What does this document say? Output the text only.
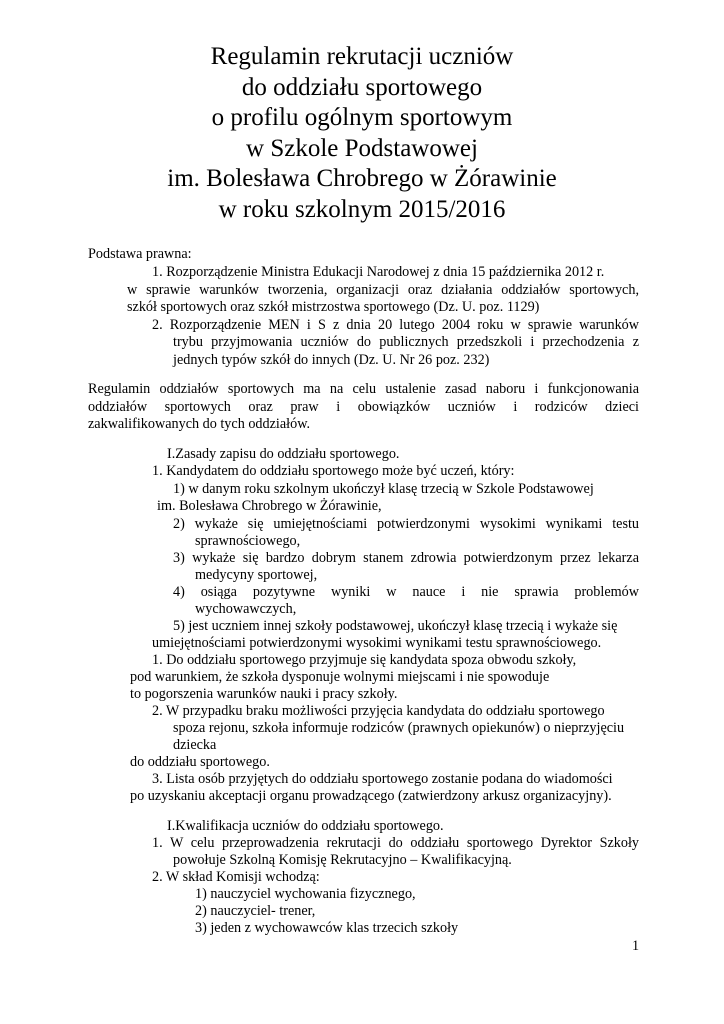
Regulamin rekrutacji uczniów
do oddziału sportowego
o profilu ogólnym sportowym
w Szkole Podstawowej
im. Bolesława Chrobrego w Żórawinie
w roku szkolnym 2015/2016
Podstawa prawna:
1. Rozporządzenie Ministra Edukacji Narodowej z dnia 15 października 2012 r.
w sprawie warunków tworzenia, organizacji oraz działania oddziałów sportowych,
szkół sportowych oraz szkół mistrzostwa sportowego (Dz. U. poz. 1129)
2. Rozporządzenie MEN i S z dnia 20 lutego 2004 roku w sprawie warunków
trybu przyjmowania uczniów do publicznych przedszkoli i przechodzenia z
jednych typów szkół do innych (Dz. U. Nr 26 poz. 232)
Regulamin oddziałów sportowych ma na celu ustalenie zasad naboru i funkcjonowania
oddziałów sportowych oraz praw i obowiązków uczniów i rodziców dzieci
zakwalifikowanych do tych oddziałów.
I.Zasady zapisu do oddziału sportowego.
1. Kandydatem do oddziału sportowego może być uczeń, który:
1) w danym roku szkolnym ukończył klasę trzecią w Szkole Podstawowej
im. Bolesława Chrobrego w Żórawinie,
2) wykaże się umiejętnościami potwierdzonymi wysokimi wynikami testu
sprawnościowego,
3) wykaże się bardzo dobrym stanem zdrowia potwierdzonym przez lekarza
medycyny sportowej,
4) osiąga pozytywne wyniki w nauce i nie sprawia problemów
wychowawczych,
5) jest uczniem innej szkoły podstawowej, ukończył klasę trzecią i wykaże się
umiejętnościami potwierdzonymi wysokimi wynikami testu sprawnościowego.
1. Do oddziału sportowego przyjmuje się kandydata spoza obwodu szkoły,
pod warunkiem, że szkoła dysponuje wolnymi miejscami i nie spowoduje
to pogorszenia warunków nauki i pracy szkoły.
2. W przypadku braku możliwości przyjęcia kandydata do oddziału sportowego
spoza rejonu, szkoła informuje rodziców (prawnych opiekunów) o nieprzyjęciu
dziecka
do oddziału sportowego.
3. Lista osób przyjętych do oddziału sportowego zostanie podana do wiadomości
po uzyskaniu akceptacji organu prowadzącego (zatwierdzony arkusz organizacyjny).
I.Kwalifikacja uczniów do oddziału sportowego.
1. W celu przeprowadzenia rekrutacji do oddziału sportowego Dyrektor Szkoły
powołuje Szkolną Komisję Rekrutacyjno – Kwalifikacyjną.
2. W skład Komisji wchodzą:
1) nauczyciel wychowania fizycznego,
2) nauczyciel- trener,
3) jeden z wychowawców klas trzecich szkoły
1
